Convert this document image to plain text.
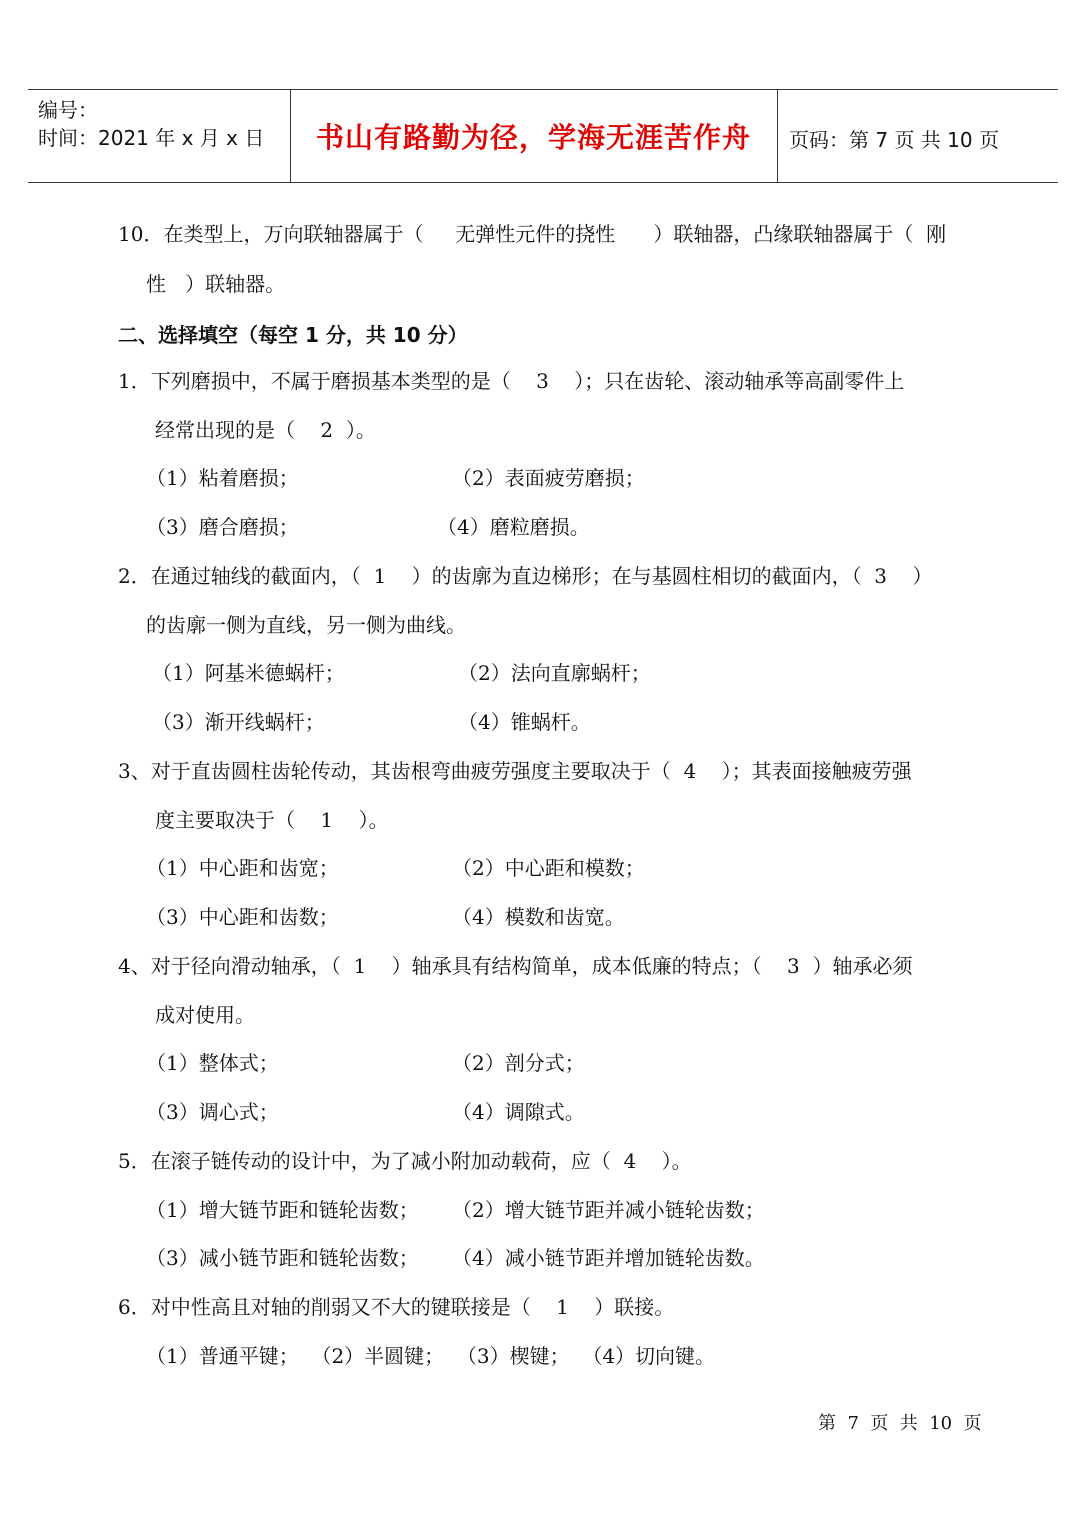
编号：
时间：2021 年 x 月 x 日	书山有路勤为径，学海无涯苦作舟	页码：第 7 页 共 10 页
10．在类型上，万向联轴器属于（     无弹性元件的挠性      ）联轴器，凸缘联轴器属于（  刚
性   ）联轴器。
二、选择填空（每空 1 分，共 10 分）
1．下列磨损中，不属于磨损基本类型的是（    3    ）；只在齿轮、滚动轴承等高副零件上
经常出现的是（    2  ）。
（1）粘着磨损；	（2）表面疲劳磨损；
（3）磨合磨损；	（4）磨粒磨损。
2．在通过轴线的截面内，（  1    ）的齿廓为直边梯形；在与基圆柱相切的截面内，（  3    ）
的齿廓一侧为直线，另一侧为曲线。
（1）阿基米德蜗杆；	（2）法向直廓蜗杆；
（3）渐开线蜗杆；	（4）锥蜗杆。
3、对于直齿圆柱齿轮传动，其齿根弯曲疲劳强度主要取决于（  4    ）；其表面接触疲劳强
度主要取决于（    1    ）。
（1）中心距和齿宽；	（2）中心距和模数；
（3）中心距和齿数；	（4）模数和齿宽。
4、对于径向滑动轴承，（  1    ）轴承具有结构简单，成本低廉的特点；（    3  ）轴承必须
成对使用。
（1）整体式；	（2）剖分式；
（3）调心式；	（4）调隙式。
5．在滚子链传动的设计中，为了减小附加动载荷，应（  4    ）。
（1）增大链节距和链轮齿数； （2）增大链节距并减小链轮齿数；
（3）减小链节距和链轮齿数； （4）减小链节距并增加链轮齿数。
6．对中性高且对轴的削弱又不大的键联接是（    1    ）联接。
（1）普通平键；  （2）半圆键；  （3）楔键；  （4）切向键。
第  7  页  共  10  页
